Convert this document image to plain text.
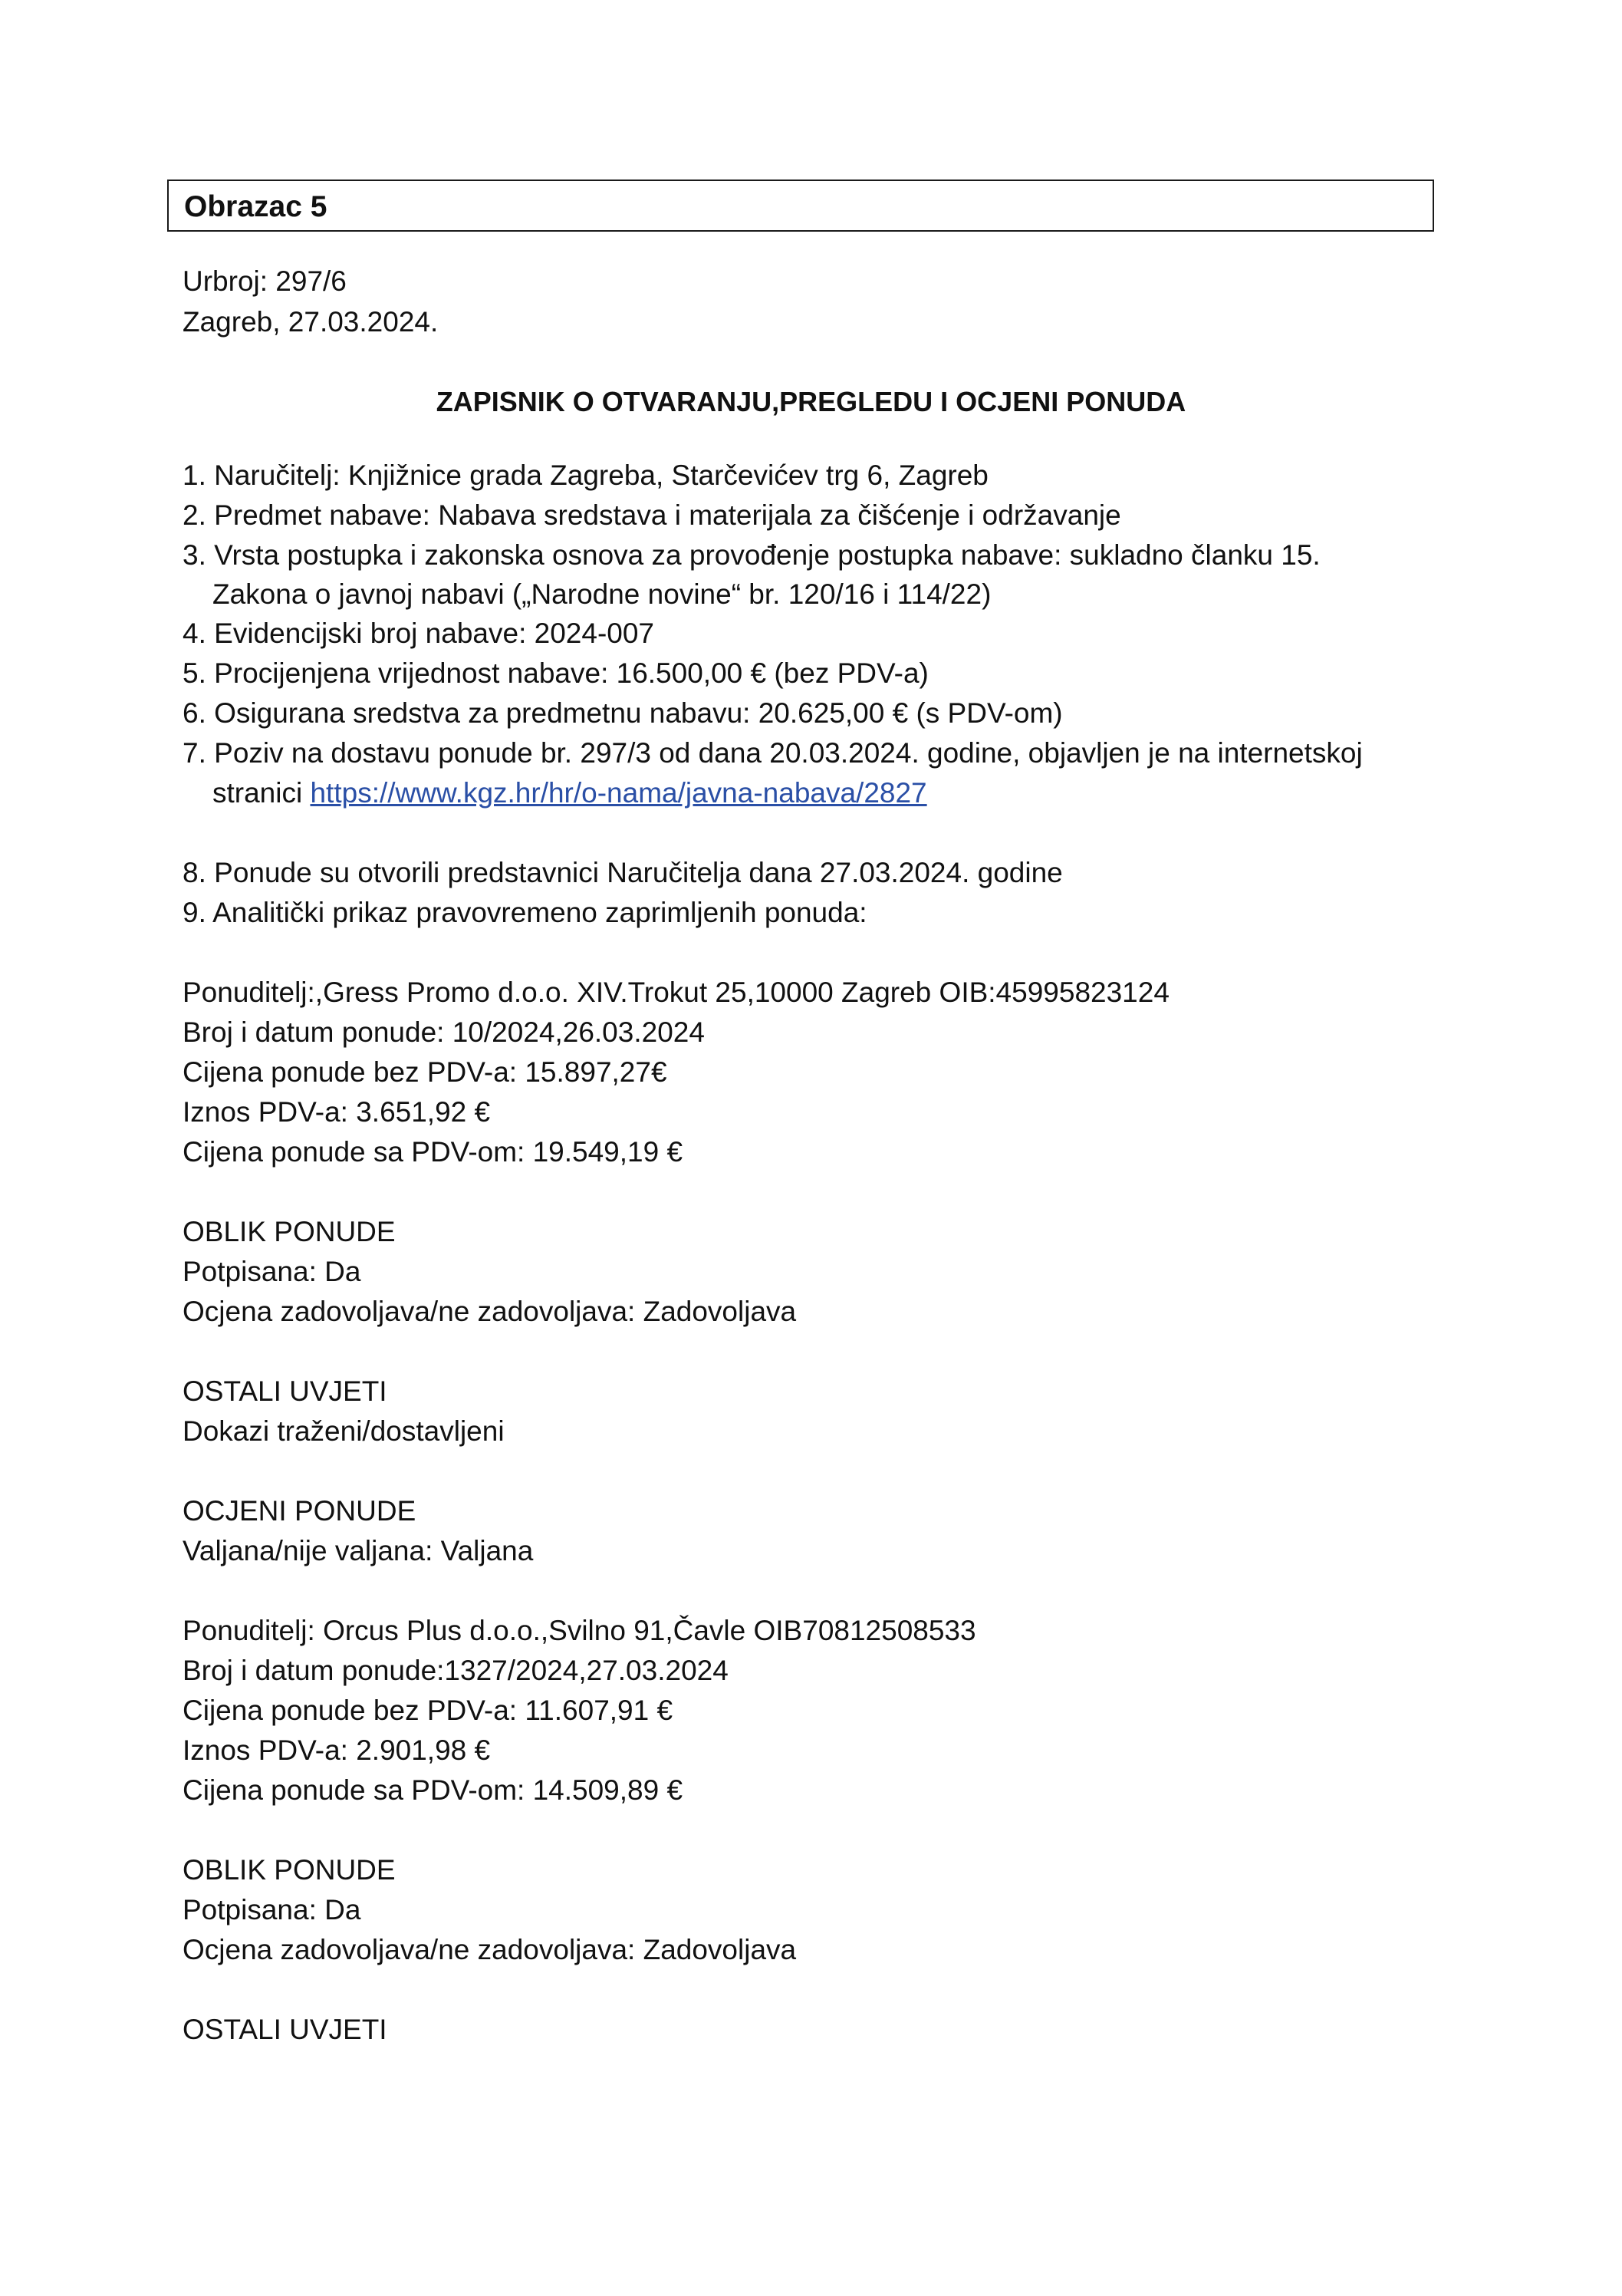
Obrazac 5
Urbroj: 297/6
Zagreb, 27.03.2024.
ZAPISNIK O OTVARANJU,PREGLEDU I OCJENI PONUDA
1. Naručitelj: Knjižnice grada Zagreba, Starčevićev trg 6, Zagreb
2. Predmet nabave: Nabava sredstava i materijala za čišćenje i održavanje
3. Vrsta postupka i zakonska osnova za provođenje postupka nabave: sukladno članku 15.
Zakona o javnoj nabavi („Narodne novine“ br. 120/16 i 114/22)
4. Evidencijski broj nabave: 2024-007
5. Procijenjena vrijednost nabave: 16.500,00 € (bez PDV-a)
6. Osigurana sredstva za predmetnu nabavu: 20.625,00 € (s PDV-om)
7. Poziv na dostavu ponude br. 297/3 od dana 20.03.2024. godine, objavljen je na internetskoj
stranici https://www.kgz.hr/hr/o-nama/javna-nabava/2827
8. Ponude su otvorili predstavnici Naručitelja dana 27.03.2024. godine
9. Analitički prikaz pravovremeno zaprimljenih ponuda:
Ponuditelj:,Gress Promo d.o.o. XIV.Trokut 25,10000 Zagreb OIB:45995823124
Broj i datum ponude: 10/2024,26.03.2024
Cijena ponude bez PDV-a: 15.897,27€
Iznos PDV-a: 3.651,92 €
Cijena ponude sa PDV-om: 19.549,19 €
OBLIK PONUDE
Potpisana: Da
Ocjena zadovoljava/ne zadovoljava: Zadovoljava
OSTALI UVJETI
Dokazi traženi/dostavljeni
OCJENI PONUDE
Valjana/nije valjana: Valjana
Ponuditelj: Orcus Plus d.o.o.,Svilno 91,Čavle OIB70812508533
Broj i datum ponude:1327/2024,27.03.2024
Cijena ponude bez PDV-a: 11.607,91 €
Iznos PDV-a: 2.901,98 €
Cijena ponude sa PDV-om: 14.509,89 €
OBLIK PONUDE
Potpisana: Da
Ocjena zadovoljava/ne zadovoljava: Zadovoljava
OSTALI UVJETI
